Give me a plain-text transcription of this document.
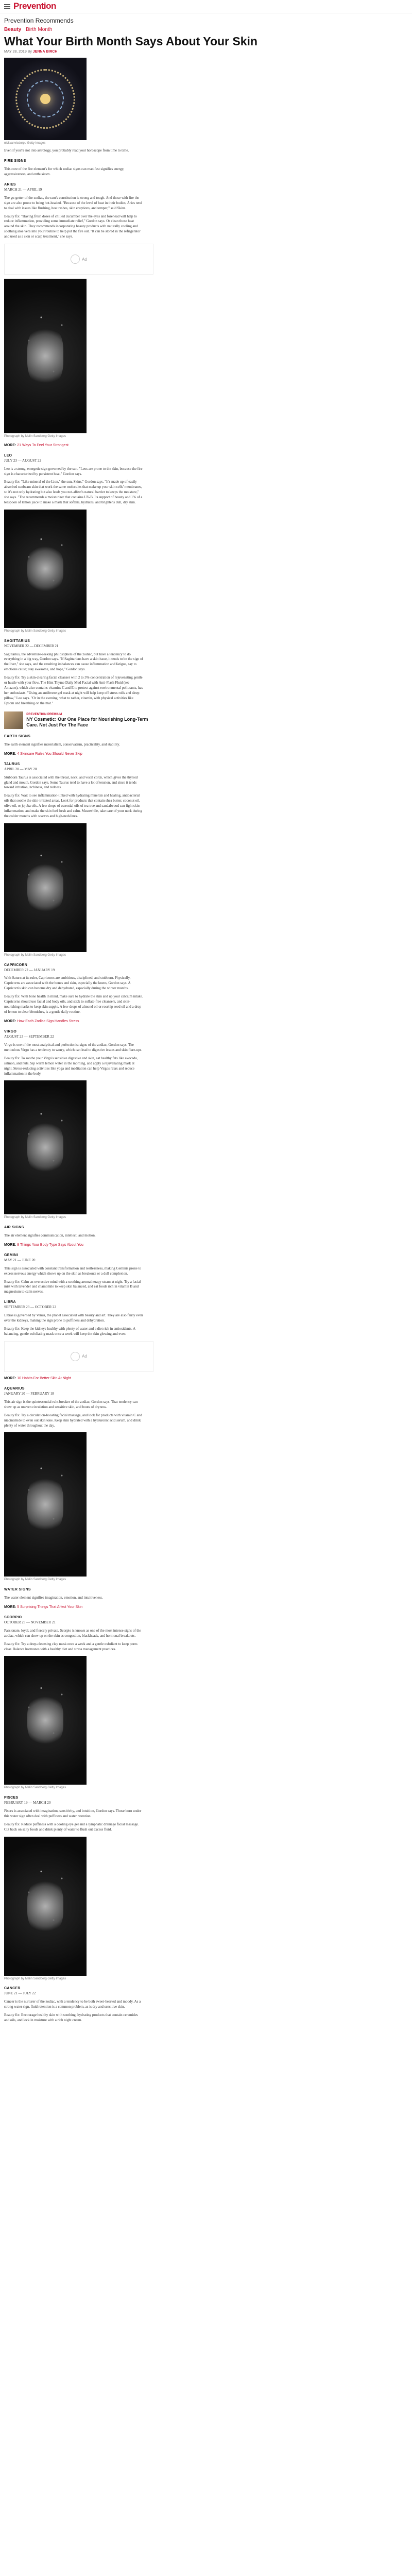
Prevention
Prevention Recommends
Beauty Birth Month
What Your Birth Month Says About Your Skin
MAY 28, 2019 By JENNA BIRCH
nickvanvisdorp / Getty Images

Even if you're not into astrology, you probably read your horoscope from time to time.

FIRE SIGNS

This core of the fire element's for which zodiac signs can manifest signifies energy, aggressiveness, and enthusiasm.

ARIES
MARCH 21 — APRIL 19

The go-getter of the zodiac, the ram's constitution is strong and tough. And those with fire the sign are also prone to being hot-headed. "Because of the level of heat in their bodies, Aries tend to deal with issues like flushing, heat rashes, skin eruptions, and temper," said Skins.

Beauty fix: "Having fresh doses of chilled cucumber over the eyes and forehead will help to reduce inflammation, providing some immediate relief," Gordon says. Or clean those heat around the skin. They recommends incorporating beauty products with naturally cooling and soothing aloe vera into your routine to help put the fire out. "It can be stored in the refrigerator and used as a skin or scalp treatment," she says.

Ad
Photograph by Malin Sandberg Getty Images
MORE: 21 Ways To Feel Your Strongest
LEO
JULY 23 — AUGUST 22

Leo is a strong, energetic sign governed by the sun. "Leos are prone to the skin, because the fire sign is characterized by persistent heat," Gordon says.

Beauty fix: "Like mineral of the Lion," the sun, Skins," Gordon says. "It's made up of easily absorbed sunbeam skin that work the same molecules that make up your skin cells' membranes, so it's not only hydrating but also leads you not-affect's natural barrier to keeps the moisture," she says. "The recommends a moisturizer that contains UV-B. Its support of beauty and 1% of a teaspoon of lemon juice to make a mask that softens, hydrates, and brightens dull, dry skin.

Photograph by Malin Sandberg Getty Images
SAGITTARIUS
NOVEMBER 22 — DECEMBER 21

Sagittarius, the adventure-seeking philosophers of the zodiac, but have a tendency to do everything in a big way, Gordon says. "If Sagittarians have a skin issue, it tends to be the sign of the liver," she says, and the resulting imbalances can cause inflammation and fatigue, say to emotions cause; stay awesome, and hope," Gordon says.

Beauty fix: Try a skin-clearing facial cleanser with 2 to 3% concentration of rejuvenating gentle or hustle with your flow. The Hint Thyme Daily Mud Facial with Anti-Flash Fluid (see Amazon), which also contains vitamins C and E to protect against environmental pollutants, has her enthusiasts. "Using an antifreeze gel mask at night will help keep off stress rolls and sleep pillow," Leo says. "Or in the evening, what to rather, vitamin, with physical activities like Epsom and breathing on the mat."

PREVENTION PREMIUM
NY Cosmetic: Our One Place for Nourishing Long-Term Care. Not Just For The Face
EARTH SIGNS

The earth element signifies materialism, conservatism, practicality, and stability.

MORE: 4 Skincare Rules You Should Never Skip
TAURUS
APRIL 20 — MAY 20

Stubborn Taurus is associated with the throat, neck, and vocal cords, which gives the thyroid gland and mouth, Gordon says. Some Taurus tend to have a lot of tension, and since it tends toward irritation, itchiness, and redness.

Beauty fix: Wait to see inflammation-linked with hydrating minerals and healing, antibacterial oils that soothe the skin-irritated areas. Look for products that contain shea butter, coconut oil, olive oil, or jojoba oils. A few drops of essential oils of tea tree and sandalwood can fight skin inflammation, and make the skin feel fresh and calm. Meanwhile, take care of your neck during the colder months with scarves and high-necklines.

Photograph by Malin Sandberg Getty Images
CAPRICORN
DECEMBER 22 — JANUARY 19

With Saturn at its ruler, Capricorns are ambitious, disciplined, and stubborn. Physically, Capricorns are associated with the bones and skin, especially the knees, Gordon says. A Capricorn's skin can become dry and dehydrated, especially during the winter months.

Beauty fix: With bone health in mind, make sure to hydrate the skin and up your calcium intake. Capricorns should use facial and body oils, and stick to sulfate-free cleansers, and skin-nourishing masks to keep skin supple. A few drops of almond oil or rosehip seed oil and a drop of lemon to clear blemishes, is a gentle daily routine.

MORE: How Each Zodiac Sign Handles Stress
VIRGO
AUGUST 23 — SEPTEMBER 22

Virgo is one of the most analytical and perfectionist signs of the zodiac, Gordon says. The meticulous Virgo has a tendency to worry, which can lead to digestive issues and skin flare-ups.

Beauty fix: To soothe your Virgo's sensitive digestive and skin, eat healthy fats like avocado, salmon, and nuts. Sip warm lemon water in the morning, and apply a rejuvenating mask at night. Stress-reducing activities like yoga and meditation can help Virgos relax and reduce inflammation in the body.

Photograph by Malin Sandberg Getty Images
AIR SIGNS

The air element signifies communication, intellect, and motion.

MORE: 8 Things Your Body Type Says About You
GEMINI
MAY 21 — JUNE 20

This sign is associated with constant transformation and restlessness, making Geminis prone to excess nervous energy which shows up on the skin as breakouts or a dull complexion.

Beauty fix: Calm an overactive mind with a soothing aromatherapy steam at night. Try a facial mist with lavender and chamomile to keep skin balanced, and eat foods rich in vitamin B and magnesium to calm nerves.

LIBRA
SEPTEMBER 23 — OCTOBER 22

Libras is governed by Venus, the planet associated with beauty and art. They are also fairly even over the kidneys, making the sign prone to puffiness and dehydration.

Beauty fix: Keep the kidneys healthy with plenty of water and a diet rich in antioxidants. A balancing, gentle exfoliating mask once a week will keep the skin glowing and even.

Ad
MORE: 10 Habits For Better Skin At Night
AQUARIUS
JANUARY 20 — FEBRUARY 18

This air sign is the quintessential rule-breaker of the zodiac, Gordon says. That tendency can show up as uneven circulation and sensitive skin, and bouts of dryness.

Beauty fix: Try a circulation-boosting facial massage, and look for products with vitamin C and niacinamide to even out skin tone. Keep skin hydrated with a hyaluronic acid serum, and drink plenty of water throughout the day.

Photograph by Malin Sandberg Getty Images
WATER SIGNS

The water element signifies imagination, emotion, and intuitiveness.

MORE: 5 Surprising Things That Affect Your Skin
SCORPIO
OCTOBER 23 — NOVEMBER 21

Passionate, loyal, and fiercely private, Scorpio is known as one of the most intense signs of the zodiac, which can show up on the skin as congestion, blackheads, and hormonal breakouts.

Beauty fix: Try a deep-cleansing clay mask once a week and a gentle exfoliant to keep pores clear. Balance hormones with a healthy diet and stress management practices.

Photograph by Malin Sandberg Getty Images
PISCES
FEBRUARY 19 — MARCH 20

Pisces is associated with imagination, sensitivity, and intuition, Gordon says. Those born under this water sign often deal with puffiness and water retention.

Beauty fix: Reduce puffiness with a cooling eye gel and a lymphatic drainage facial massage. Cut back on salty foods and drink plenty of water to flush out excess fluid.

Photograph by Malin Sandberg Getty Images
CANCER
JUNE 21 — JULY 22

Cancer is the nurturer of the zodiac, with a tendency to be both sweet-hearted and moody. As a strong water sign, fluid retention is a common problem, as is dry and sensitive skin.

Beauty fix: Encourage healthy skin with soothing, hydrating products that contain ceramides and oils, and lock in moisture with a rich night cream.
